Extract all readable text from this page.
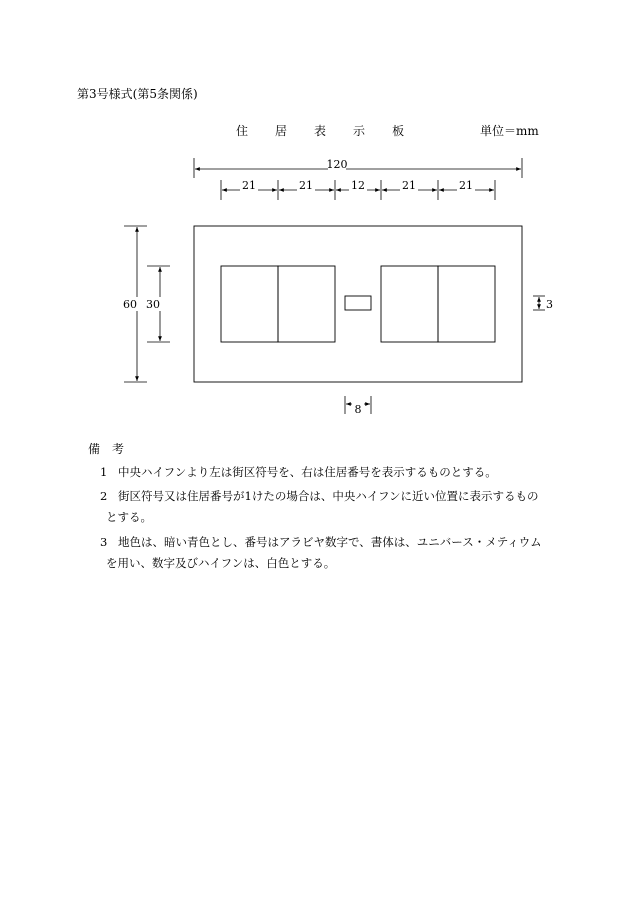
第3号様式(第5条関係)
住 居 表 示 板	単位＝mm
120
21	21	12	21	21
60 30	3
8
備考
1 中央ハイフンより左は街区符号を、右は住居番号を表示するものとする。
2 街区符号又は住居番号が1けたの場合は、中央ハイフンに近い位置に表示するもの
とする。
3 地色は、暗い青色とし、番号はアラビヤ数字で、書体は、ユニバース・メティウム
を用い、数字及びハイフンは、白色とする。
